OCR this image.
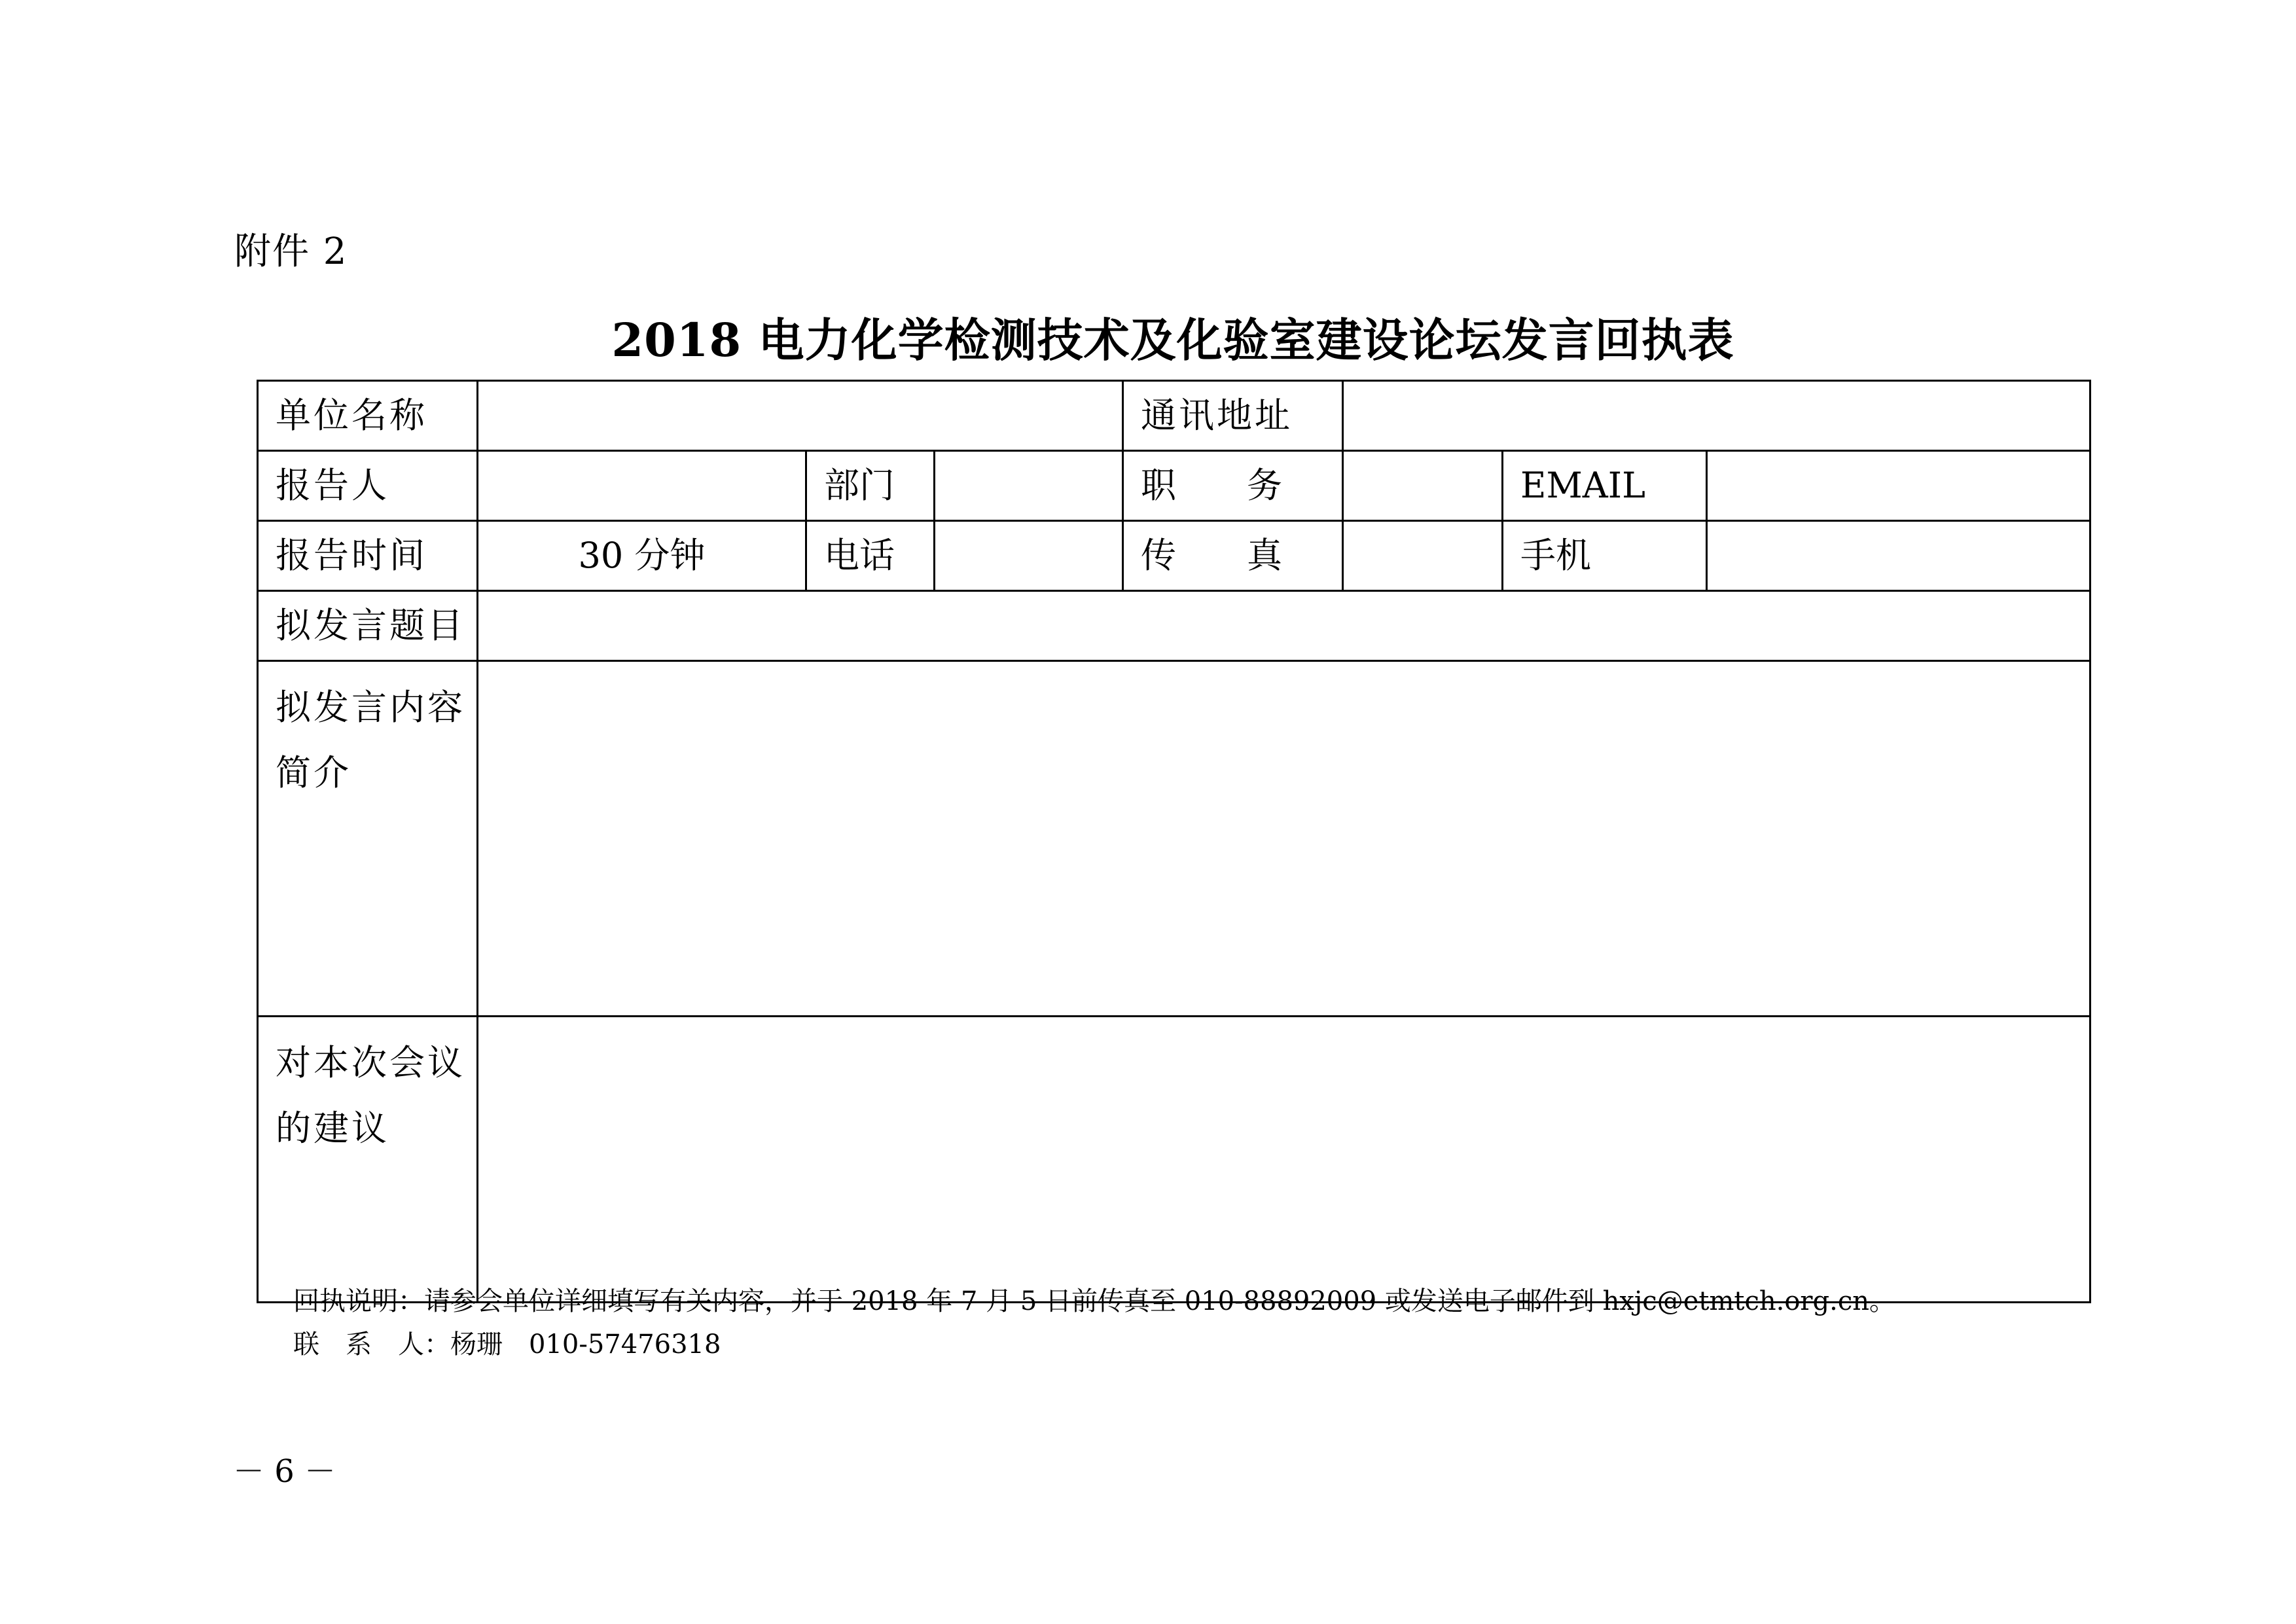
附件 2
2018 电力化学检测技术及化验室建设论坛发言回执表
单位名称				通讯地址			
报告人		部门		职　　务		EMAIL	
报告时间	30 分钟	电话		传　　真		手机	
拟发言题目							
拟发言内容简介							
对本次会议的建议							
回执说明：请参会单位详细填写有关内容，并于 2018 年 7 月 5 日前传真至 010-88892009 或发送电子邮件到 hxjc@etmtch.org.cn。
联　系　人：杨珊　010-57476318
－ 6 －
